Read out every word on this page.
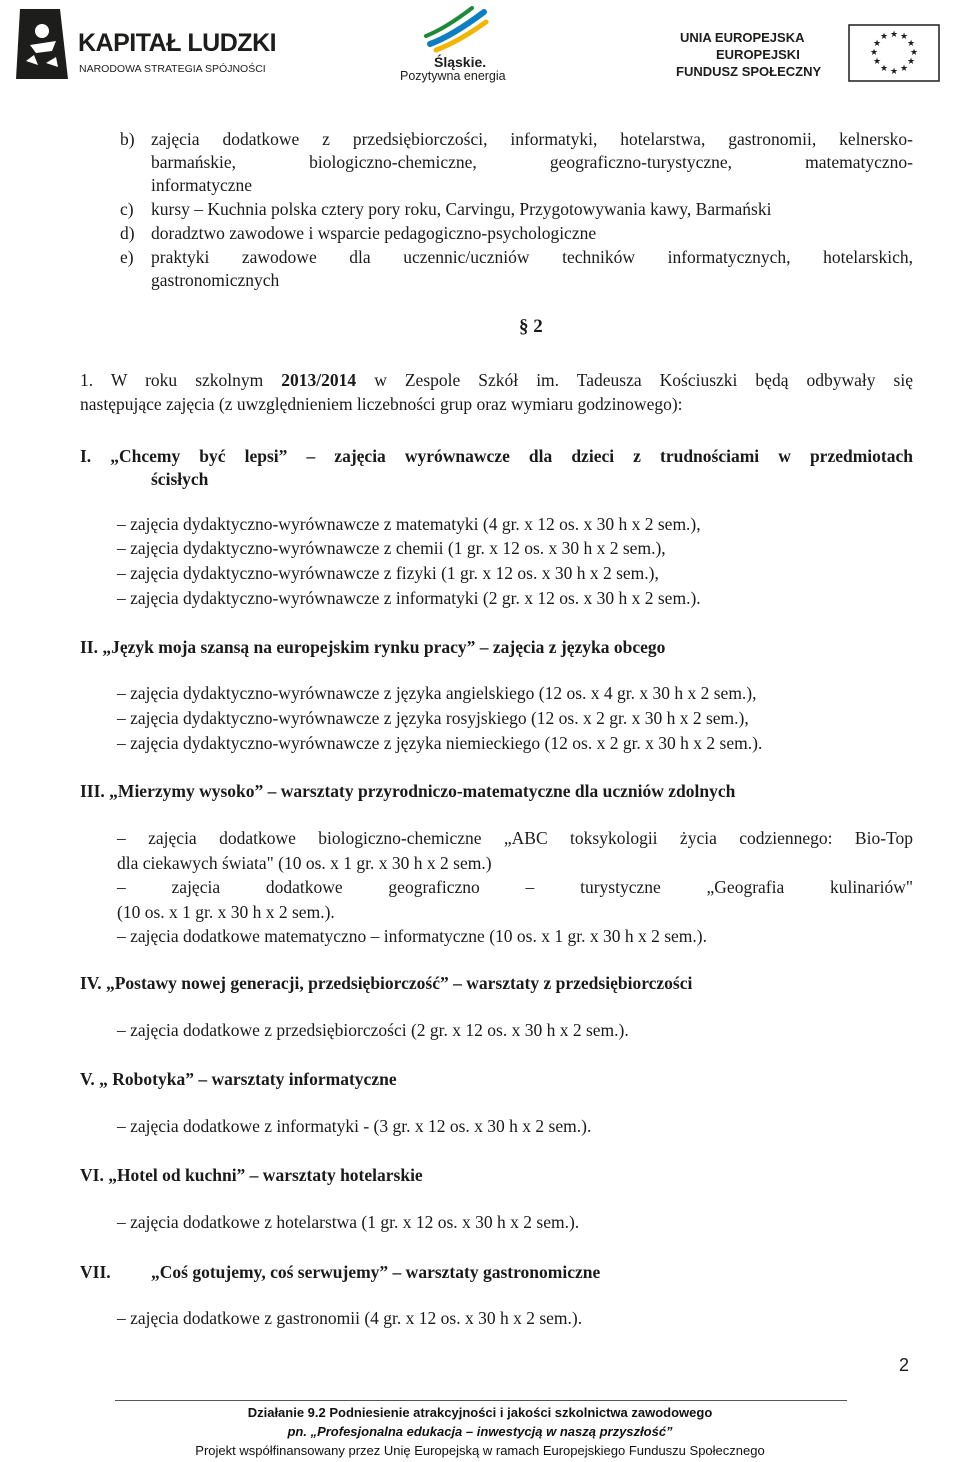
KAPITAŁ LUDZKI
NARODOWA STRATEGIA SPÓJNOŚCI	Śląskie.
Pozytywna energia
UNIA EUROPEJSKA
EUROPEJSKI
FUNDUSZ SPOŁECZNY
★ ★
★
★
★
★
★
★
★
★
★
★
b) zajęcia dodatkowe z przedsiębiorczości, informatyki, hotelarstwa, gastronomii, kelnersko-
barmańskie, biologiczno-chemiczne, geograficzno-turystyczne, matematyczno-
informatyczne
c) kursy – Kuchnia polska cztery pory roku, Carvingu, Przygotowywania kawy, Barmański
d) doradztwo zawodowe i wsparcie pedagogiczno-psychologiczne
e) praktyki zawodowe dla uczennic/uczniów techników informatycznych, hotelarskich,
gastronomicznych
§ 2
1. W roku szkolnym 2013/2014 w Zespole Szkół im. Tadeusza Kościuszki będą odbywały się
następujące zajęcia (z uwzględnieniem liczebności grup oraz wymiaru godzinowego):
I. „Chcemy być lepsi” – zajęcia wyrównawcze dla dzieci z trudnościami w przedmiotach
ścisłych
– zajęcia dydaktyczno-wyrównawcze z matematyki (4 gr. x 12 os. x 30 h x 2 sem.),
– zajęcia dydaktyczno-wyrównawcze z chemii (1 gr. x 12 os. x 30 h x 2 sem.),
– zajęcia dydaktyczno-wyrównawcze z fizyki (1 gr. x 12 os. x 30 h x 2 sem.),
– zajęcia dydaktyczno-wyrównawcze z informatyki (2 gr. x 12 os. x 30 h x 2 sem.).
II. „Język moja szansą na europejskim rynku pracy” – zajęcia z języka obcego
– zajęcia dydaktyczno-wyrównawcze z języka angielskiego (12 os. x 4 gr. x 30 h x 2 sem.),
– zajęcia dydaktyczno-wyrównawcze z języka rosyjskiego (12 os. x 2 gr. x 30 h x 2 sem.),
– zajęcia dydaktyczno-wyrównawcze z języka niemieckiego (12 os. x 2 gr. x 30 h x 2 sem.).
III. „Mierzymy wysoko” – warsztaty przyrodniczo-matematyczne dla uczniów zdolnych
– zajęcia dodatkowe biologiczno-chemiczne „ABC toksykologii życia codziennego: Bio-Top
dla ciekawych świata" (10 os. x 1 gr. x 30 h x 2 sem.)
– zajęcia dodatkowe geograficzno – turystyczne „Geografia kulinariów"
(10 os. x 1 gr. x 30 h x 2 sem.).
– zajęcia dodatkowe matematyczno – informatyczne (10 os. x 1 gr. x 30 h x 2 sem.).
IV. „Postawy nowej generacji, przedsiębiorczość” – warsztaty z przedsiębiorczości
– zajęcia dodatkowe z przedsiębiorczości (2 gr. x 12 os. x 30 h x 2 sem.).
V. „ Robotyka” – warsztaty informatyczne
– zajęcia dodatkowe z informatyki - (3 gr. x 12 os. x 30 h x 2 sem.).
VI. „Hotel od kuchni” – warsztaty hotelarskie
– zajęcia dodatkowe z hotelarstwa (1 gr. x 12 os. x 30 h x 2 sem.).
VII. „Coś gotujemy, coś serwujemy” – warsztaty gastronomiczne
– zajęcia dodatkowe z gastronomii (4 gr. x 12 os. x 30 h x 2 sem.).
2
Działanie 9.2 Podniesienie atrakcyjności i jakości szkolnictwa zawodowego
pn. „Profesjonalna edukacja – inwestycją w naszą przyszłość”
Projekt współfinansowany przez Unię Europejską w ramach Europejskiego Funduszu Społecznego
